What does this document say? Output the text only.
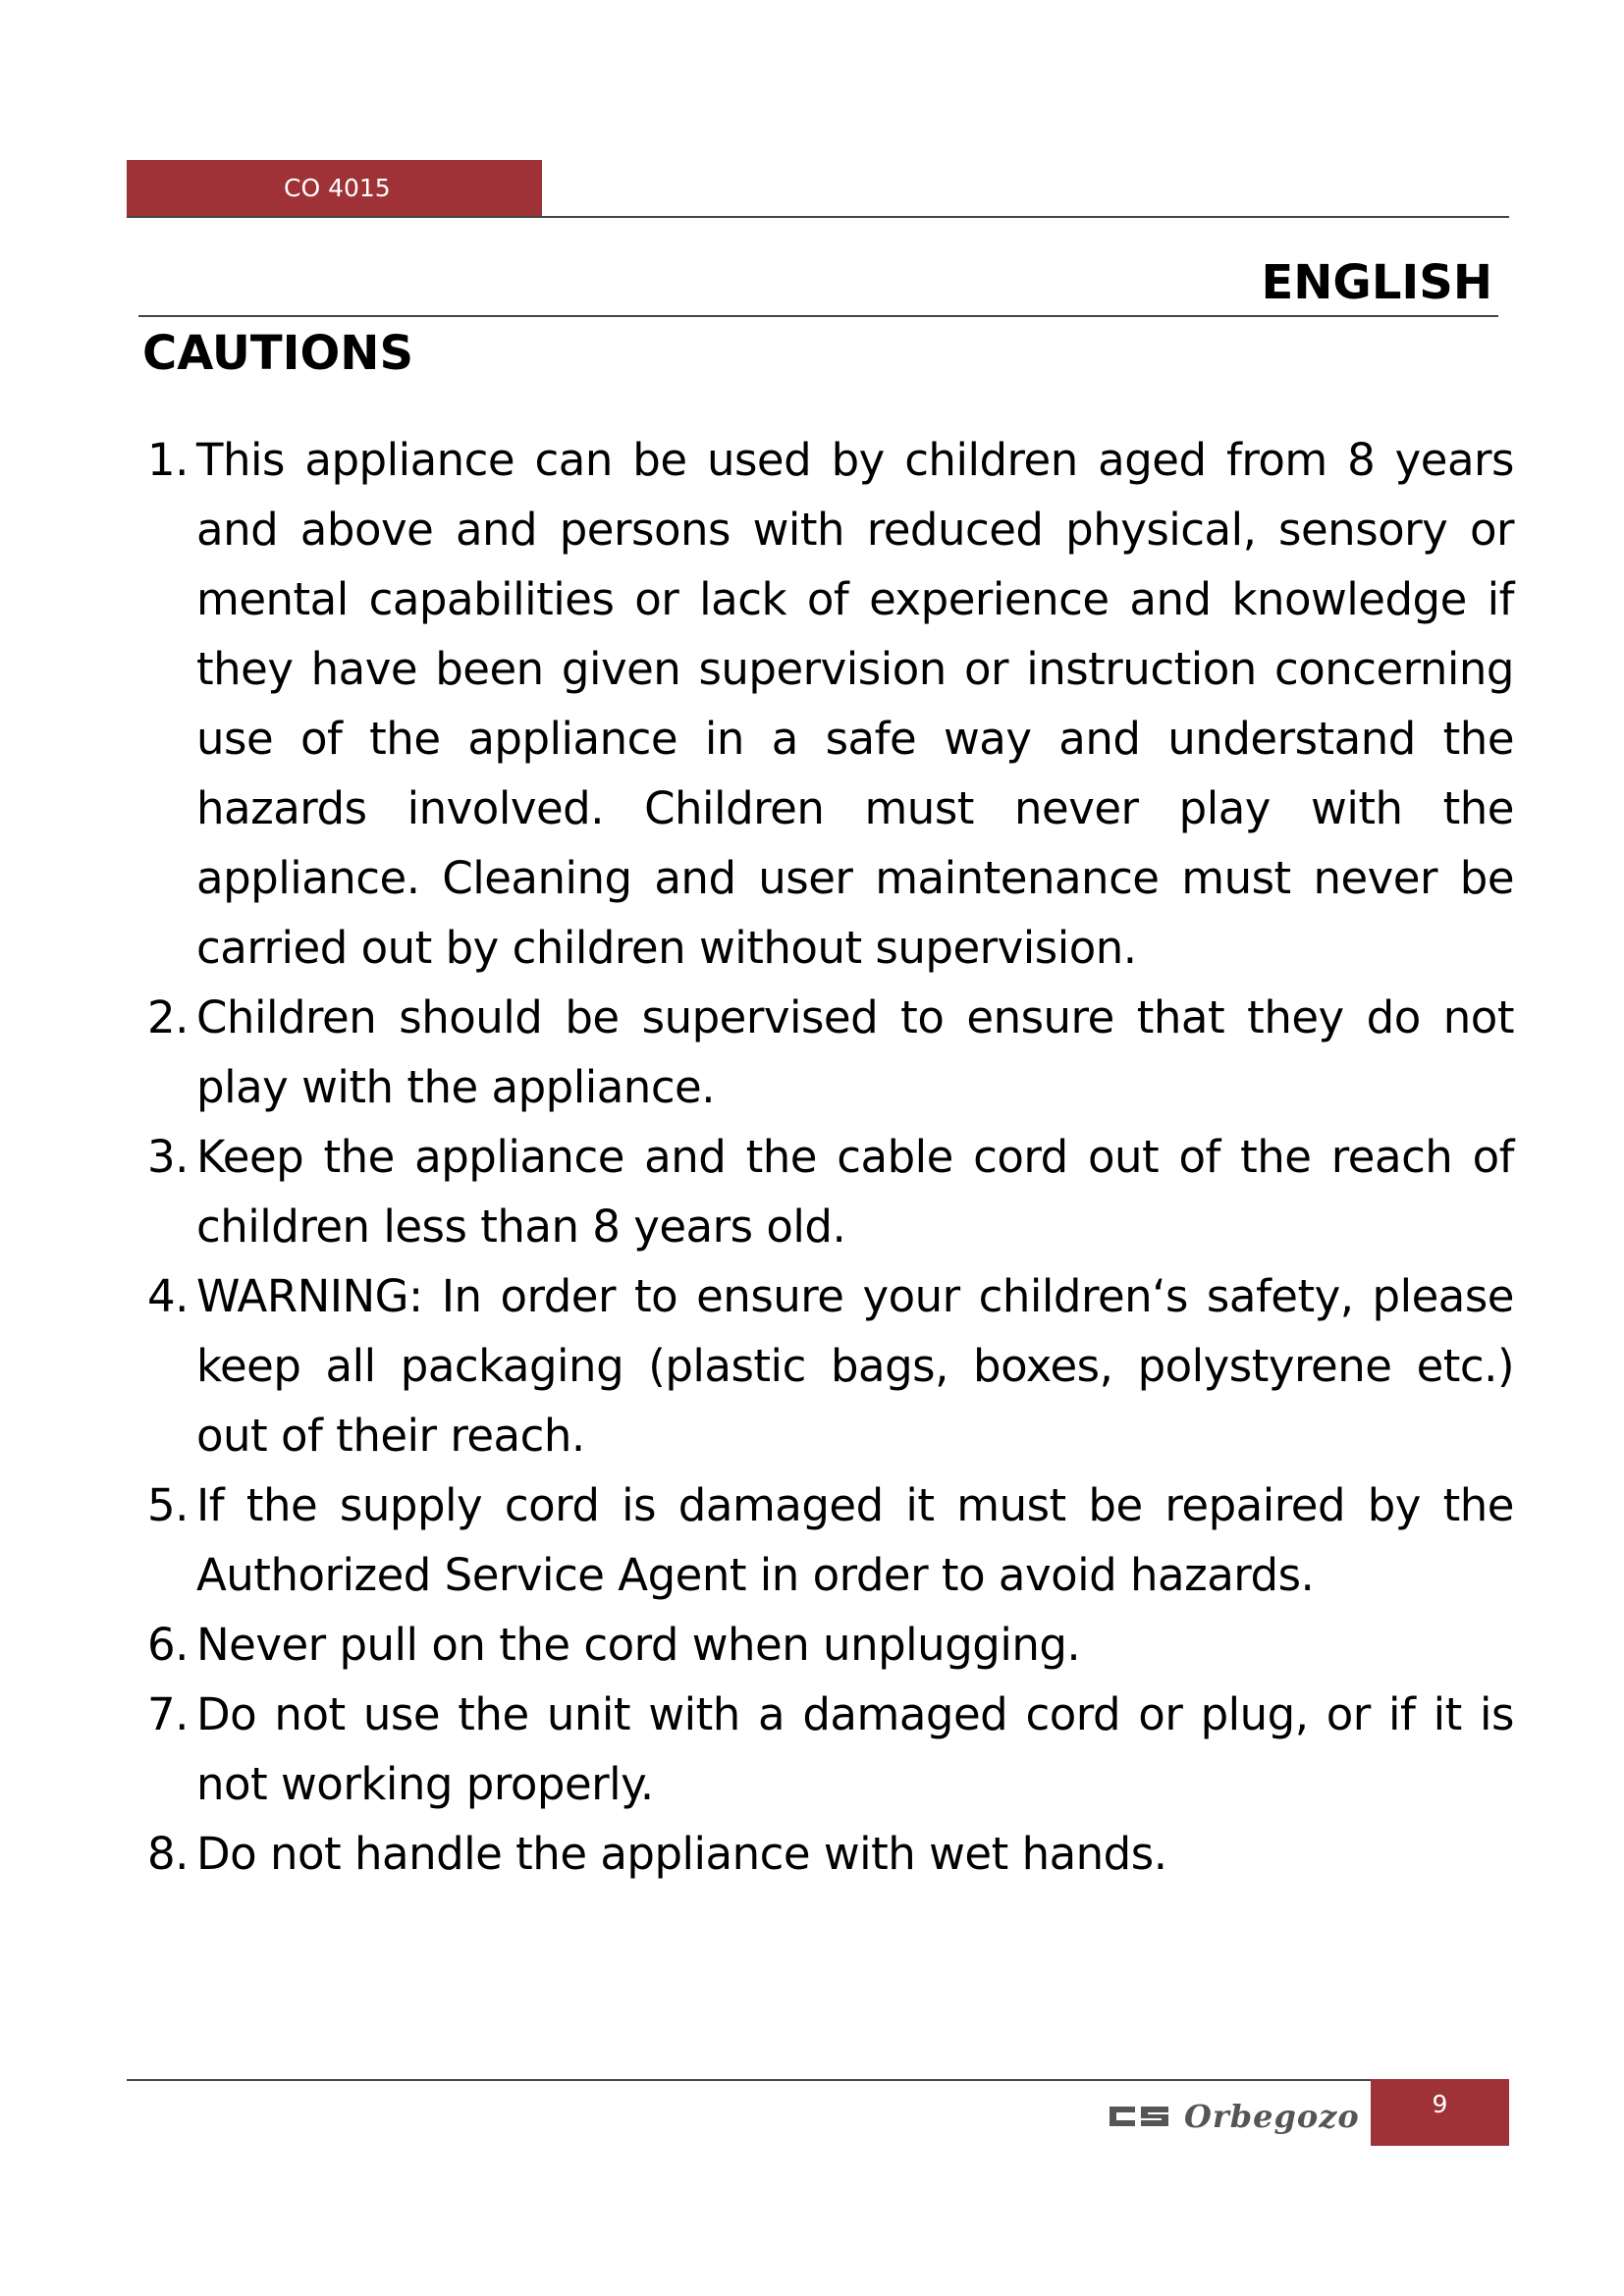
CO 4015
ENGLISH
CAUTIONS
1. This appliance can be used by children aged from 8 years and above and persons with reduced physical, sensory or mental capabilities or lack of experience and knowledge if they have been given supervision or instruction concerning use of the appliance in a safe way and understand the hazards involved. Children must never play with the appliance. Cleaning and user maintenance must never be carried out by children without supervision.
2. Children should be supervised to ensure that they do not play with the appliance.
3. Keep the appliance and the cable cord out of the reach of children less than 8 years old.
4. WARNING: In order to ensure your children‘s safety, please keep all packaging (plastic bags, boxes, polystyrene etc.) out of their reach.
5. If the supply cord is damaged it must be repaired by the Authorized Service Agent in order to avoid hazards.
6. Never pull on the cord when unplugging.
7. Do not use the unit with a damaged cord or plug, or if it is not working properly.
8. Do not handle the appliance with wet hands.
Orbegozo	9
